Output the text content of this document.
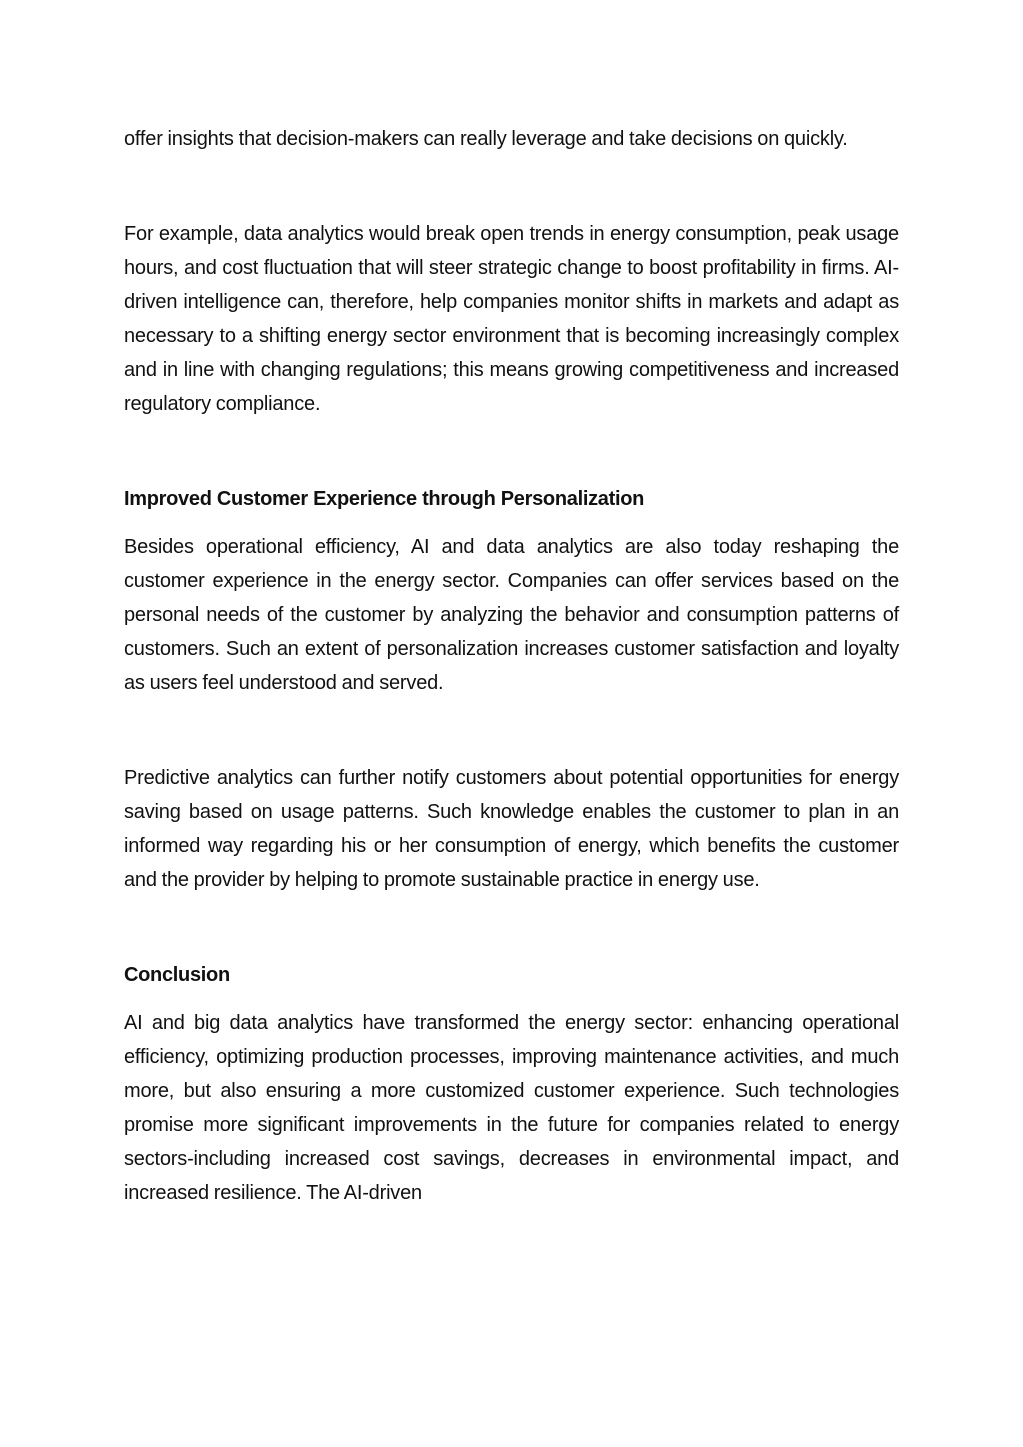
offer insights that decision-makers can really leverage and take decisions on quickly.

For example, data analytics would break open trends in energy consumption, peak usage hours, and cost fluctuation that will steer strategic change to boost profitability in firms. AI-driven intelligence can, therefore, help companies monitor shifts in markets and adapt as necessary to a shifting energy sector environment that is becoming increasingly complex and in line with changing regulations; this means growing competitiveness and increased regulatory compliance.

Improved Customer Experience through Personalization

Besides operational efficiency, AI and data analytics are also today reshaping the customer experience in the energy sector. Companies can offer services based on the personal needs of the customer by analyzing the behavior and consumption patterns of customers. Such an extent of personalization increases customer satisfaction and loyalty as users feel understood and served.

Predictive analytics can further notify customers about potential opportunities for energy saving based on usage patterns. Such knowledge enables the customer to plan in an informed way regarding his or her consumption of energy, which benefits the customer and the provider by helping to promote sustainable practice in energy use.

Conclusion

AI and big data analytics have transformed the energy sector: enhancing operational efficiency, optimizing production processes, improving maintenance activities, and much more, but also ensuring a more customized customer experience. Such technologies promise more significant improvements in the future for companies related to energy sectors-including increased cost savings, decreases in environmental impact, and increased resilience. The AI-driven
